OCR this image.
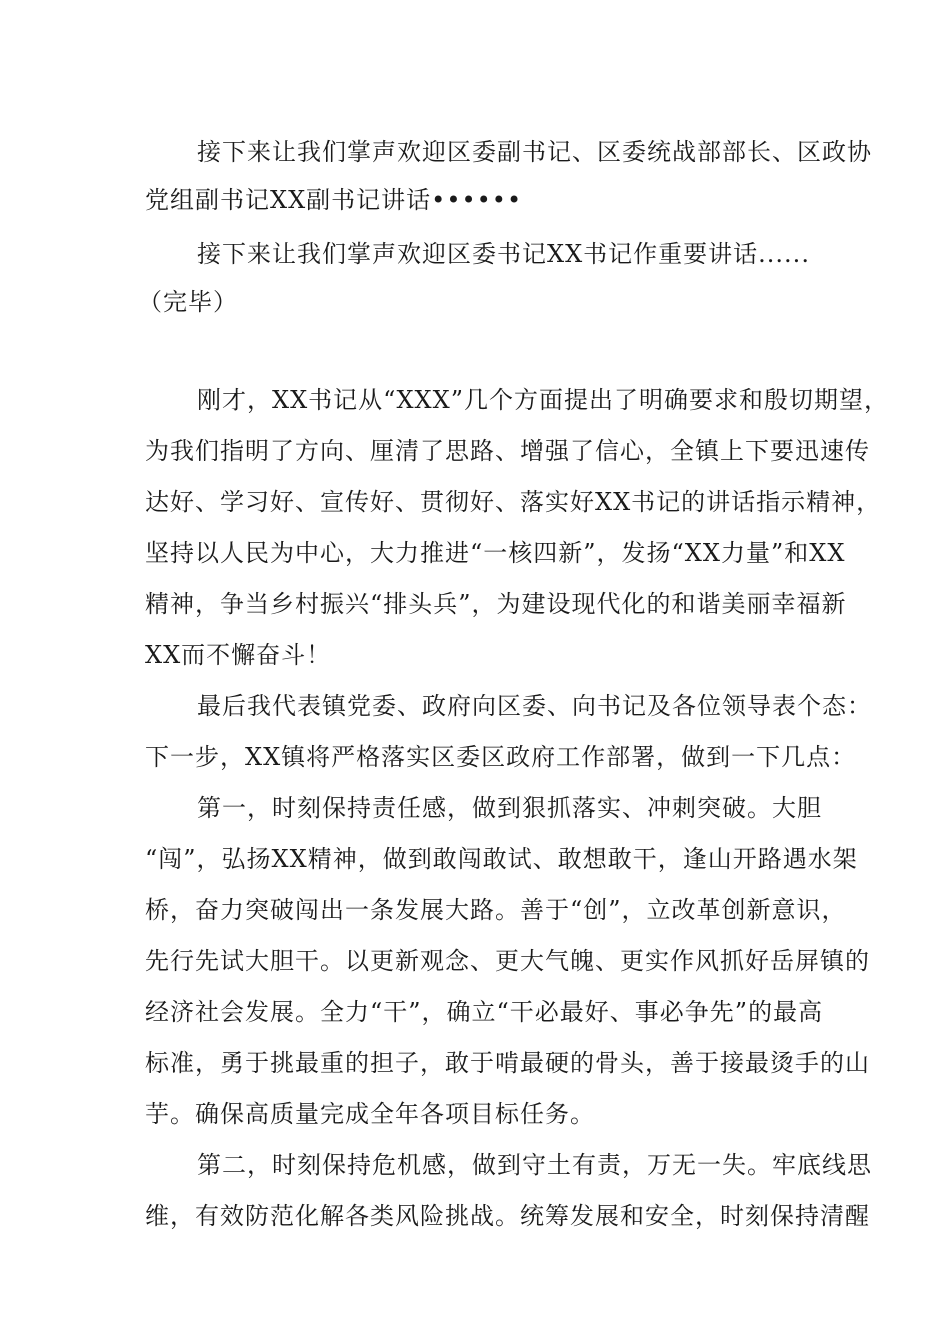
接下来让我们掌声欢迎区委副书记、区委统战部部长、区政协
党组副书记XX副书记讲话••••••
接下来让我们掌声欢迎区委书记XX书记作重要讲话......
（完毕）
刚才，XX书记从“XXX”几个方面提出了明确要求和殷切期望，
为我们指明了方向、厘清了思路、增强了信心，全镇上下要迅速传
达好、学习好、宣传好、贯彻好、落实好XX书记的讲话指示精神，
坚持以人民为中心，大力推进“一核四新”，发扬“XX力量”和XX
精神，争当乡村振兴“排头兵”，为建设现代化的和谐美丽幸福新
XX而不懈奋斗！
最后我代表镇党委、政府向区委、向书记及各位领导表个态：
下一步，XX镇将严格落实区委区政府工作部署，做到一下几点：
第一，时刻保持责任感，做到狠抓落实、冲刺突破。大胆
“闯”，弘扬XX精神，做到敢闯敢试、敢想敢干，逢山开路遇水架
桥，奋力突破闯出一条发展大路。善于“创”，立改革创新意识，
先行先试大胆干。以更新观念、更大气魄、更实作风抓好岳屏镇的
经济社会发展。全力“干”，确立“干必最好、事必争先”的最高
标准，勇于挑最重的担子，敢于啃最硬的骨头，善于接最烫手的山
芋。确保高质量完成全年各项目标任务。
第二，时刻保持危机感，做到守土有责，万无一失。牢底线思
维，有效防范化解各类风险挑战。统筹发展和安全，时刻保持清醒
